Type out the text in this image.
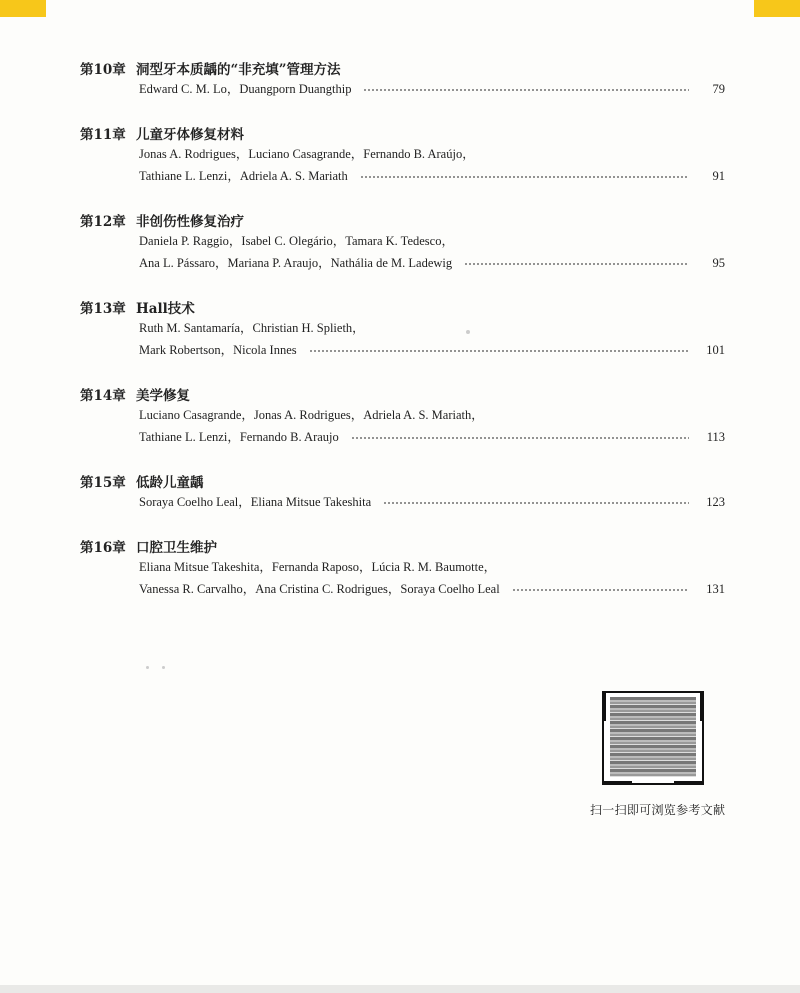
第10章 洞型牙本质龋的“非充填”管理方法
Edward C. M. Lo，Duangporn Duangthip	79
第11章 儿童牙体修复材料
Jonas A. Rodrigues，Luciano Casagrande，Fernando B. Araújo，
Tathiane L. Lenzi，Adriela A. S. Mariath	91
第12章 非创伤性修复治疗
Daniela P. Raggio，Isabel C. Olegário，Tamara K. Tedesco，
Ana L. Pássaro，Mariana P. Araujo，Nathália de M. Ladewig	95
第13章 Hall技术
Ruth M. Santamaría，Christian H. Splieth，
Mark Robertson，Nicola Innes	101
第14章 美学修复
Luciano Casagrande，Jonas A. Rodrigues，Adriela A. S. Mariath，
Tathiane L. Lenzi，Fernando B. Araujo	113
第15章 低龄儿童龋
Soraya Coelho Leal，Eliana Mitsue Takeshita	123
第16章 口腔卫生维护
Eliana Mitsue Takeshita，Fernanda Raposo，Lúcia R. M. Baumotte，
Vanessa R. Carvalho，Ana Cristina C. Rodrigues，Soraya Coelho Leal	131
扫一扫即可浏览参考文献
